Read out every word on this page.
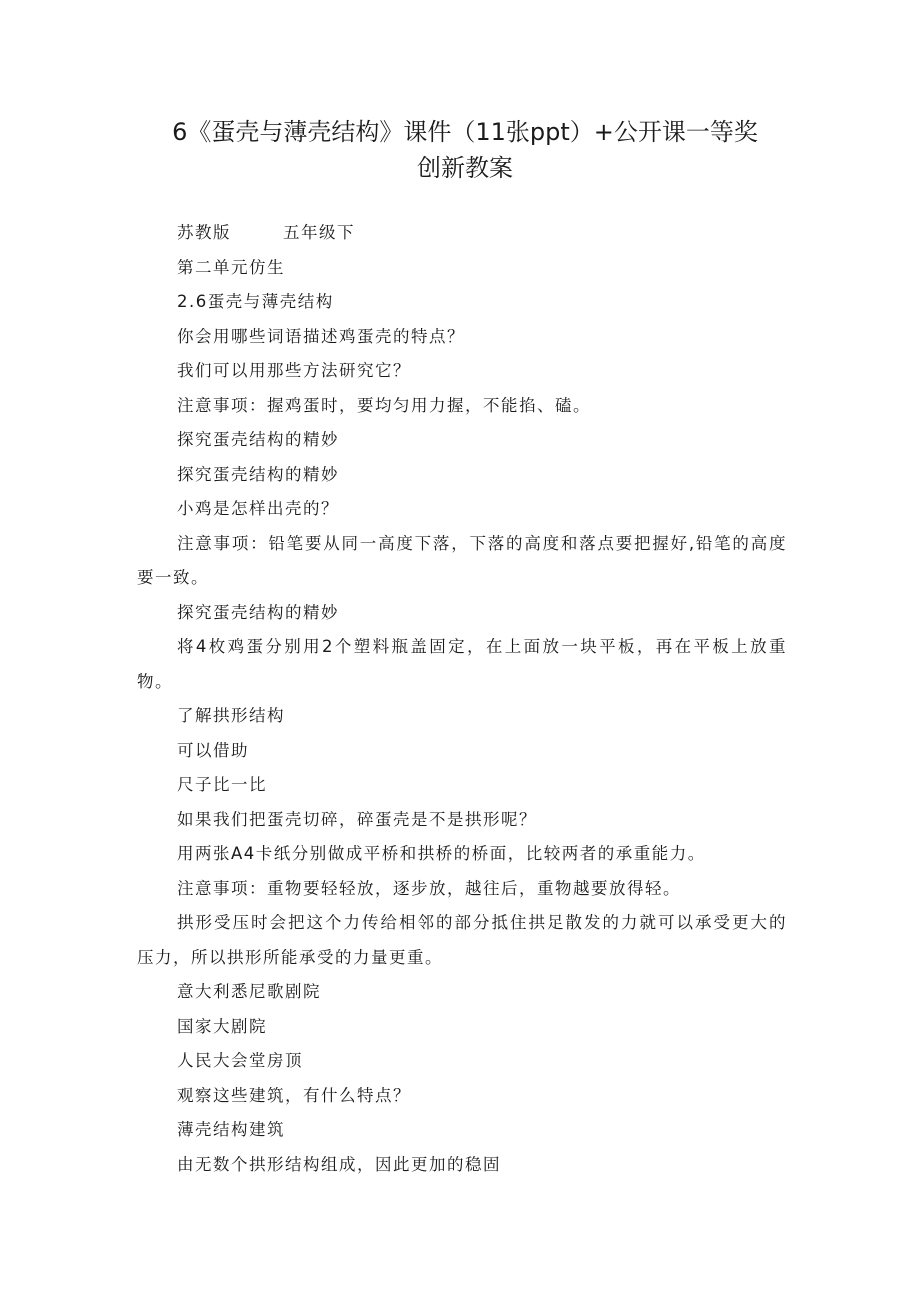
6《蛋壳与薄壳结构》课件（11张ppt）+公开课一等奖
创新教案
苏教版	五年级下
第二单元仿生
2.6蛋壳与薄壳结构
你会用哪些词语描述鸡蛋壳的特点？
我们可以用那些方法研究它？
注意事项：握鸡蛋时，要均匀用力握，不能掐、磕。
探究蛋壳结构的精妙
探究蛋壳结构的精妙
小鸡是怎样出壳的？
注意事项：铅笔要从同一高度下落，下落的高度和落点要把握好,铅笔的高度要一致。
探究蛋壳结构的精妙
将4枚鸡蛋分别用2个塑料瓶盖固定，在上面放一块平板，再在平板上放重物。
了解拱形结构
可以借助
尺子比一比
如果我们把蛋壳切碎，碎蛋壳是不是拱形呢？
用两张A4卡纸分别做成平桥和拱桥的桥面，比较两者的承重能力。
注意事项：重物要轻轻放，逐步放，越往后，重物越要放得轻。
拱形受压时会把这个力传给相邻的部分抵住拱足散发的力就可以承受更大的压力，所以拱形所能承受的力量更重。
意大利悉尼歌剧院
国家大剧院
人民大会堂房顶
观察这些建筑，有什么特点？
薄壳结构建筑
由无数个拱形结构组成，因此更加的稳固
